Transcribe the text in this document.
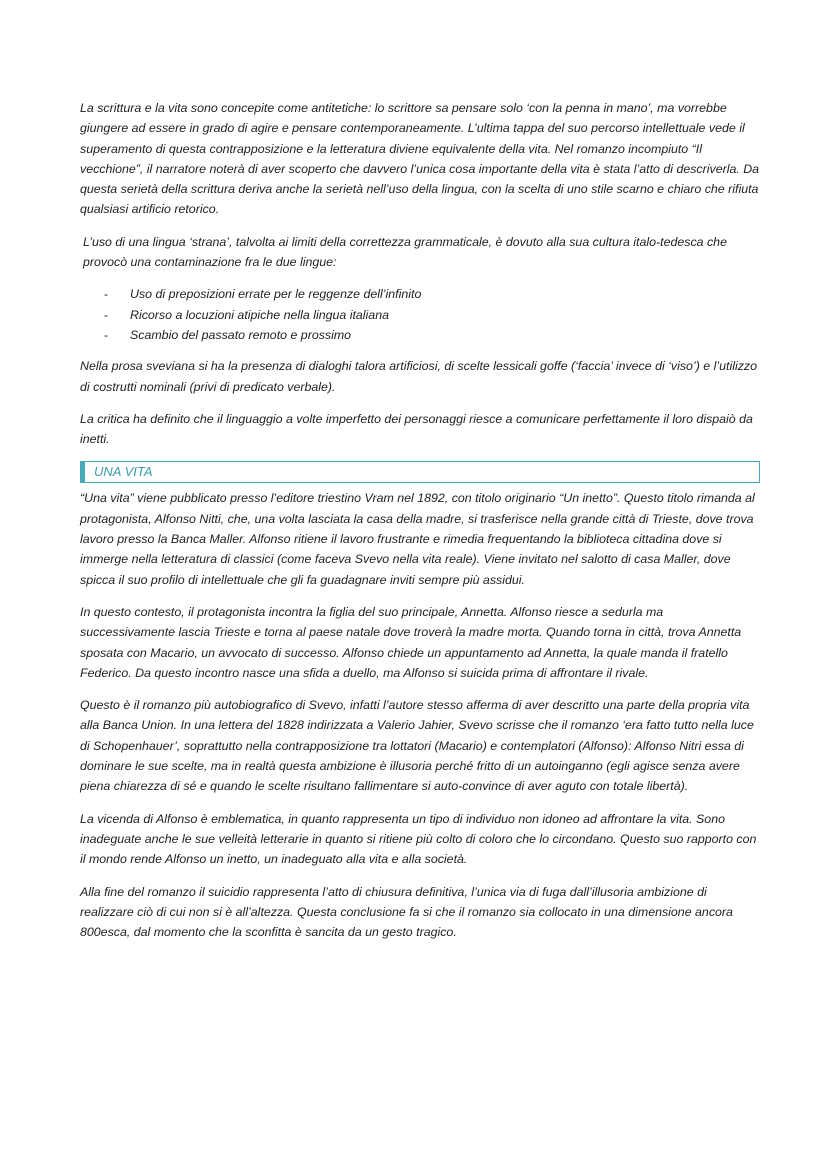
La scrittura e la vita sono concepite come antitetiche: lo scrittore sa pensare solo ‘con la penna in mano’, ma vorrebbe giungere ad essere in grado di agire e pensare contemporaneamente. L’ultima tappa del suo percorso intellettuale vede il superamento di questa contrapposizione e la letteratura diviene equivalente della vita. Nel romanzo incompiuto “Il vecchione”, il narratore noterà di aver scoperto che davvero l’unica cosa importante della vita è stata l’atto di descriverla. Da questa serietà della scrittura deriva anche la serietà nell’uso della lingua, con la scelta di uno stile scarno e chiaro che rifiuta qualsiasi artificio retorico.

L’uso di una lingua ‘strana’, talvolta ai limiti della correttezza grammaticale, è dovuto alla sua cultura italo-tedesca che provocò una contaminazione fra le due lingue:

- Uso di preposizioni errate per le reggenze dell’infinito
- Ricorso a locuzioni atipiche nella lingua italiana
- Scambio del passato remoto e prossimo

Nella prosa sveviana si ha la presenza di dialoghi talora artificiosi, di scelte lessicali goffe (‘faccia’ invece di ‘viso’) e l’utilizzo di costrutti nominali (privi di predicato verbale).

La critica ha definito che il linguaggio a volte imperfetto dei personaggi riesce a comunicare perfettamente il loro dispaiò da inetti.

UNA VITA

“Una vita” viene pubblicato presso l’editore triestino Vram nel 1892, con titolo originario “Un inetto”. Questo titolo rimanda al protagonista, Alfonso Nitti, che, una volta lasciata la casa della madre, si trasferisce nella grande città di Trieste, dove trova lavoro presso la Banca Maller. Alfonso ritiene il lavoro frustrante e rimedia frequentando la biblioteca cittadina dove si immerge nella letteratura di classici (come faceva Svevo nella vita reale). Viene invitato nel salotto di casa Maller, dove spicca il suo profilo di intellettuale che gli fa guadagnare inviti sempre più assidui.

In questo contesto, il protagonista incontra la figlia del suo principale, Annetta. Alfonso riesce a sedurla ma successivamente lascia Trieste e torna al paese natale dove troverà la madre morta. Quando torna in città, trova Annetta sposata con Macario, un avvocato di successo. Alfonso chiede un appuntamento ad Annetta, la quale manda il fratello Federico. Da questo incontro nasce una sfida a duello, ma Alfonso si suicida prima di affrontare il rivale.

Questo è il romanzo più autobiografico di Svevo, infatti l’autore stesso afferma di aver descritto una parte della propria vita alla Banca Union. In una lettera del 1828 indirizzata a Valerio Jahier, Svevo scrisse che il romanzo ‘era fatto tutto nella luce di Schopenhauer’, soprattutto nella contrapposizione tra lottatori (Macario) e contemplatori (Alfonso): Alfonso Nitri essa di dominare le sue scelte, ma in realtà questa ambizione è illusoria perché fritto di un autoinganno (egli agisce senza avere piena chiarezza di sé e quando le scelte risultano fallimentare si auto-convince di aver aguto con totale libertà).

La vicenda di Alfonso è emblematica, in quanto rappresenta un tipo di individuo non idoneo ad affrontare la vita. Sono inadeguate anche le sue velleità letterarie in quanto si ritiene più colto di coloro che lo circondano. Questo suo rapporto con il mondo rende Alfonso un inetto, un inadeguato alla vita e alla società.

Alla fine del romanzo il suicidio rappresenta l’atto di chiusura definitiva, l’unica via di fuga dall’illusoria ambizione di realizzare ciò di cui non si è all’altezza. Questa conclusione fa si che il romanzo sia collocato in una dimensione ancora 800esca, dal momento che la sconfitta è sancita da un gesto tragico.
